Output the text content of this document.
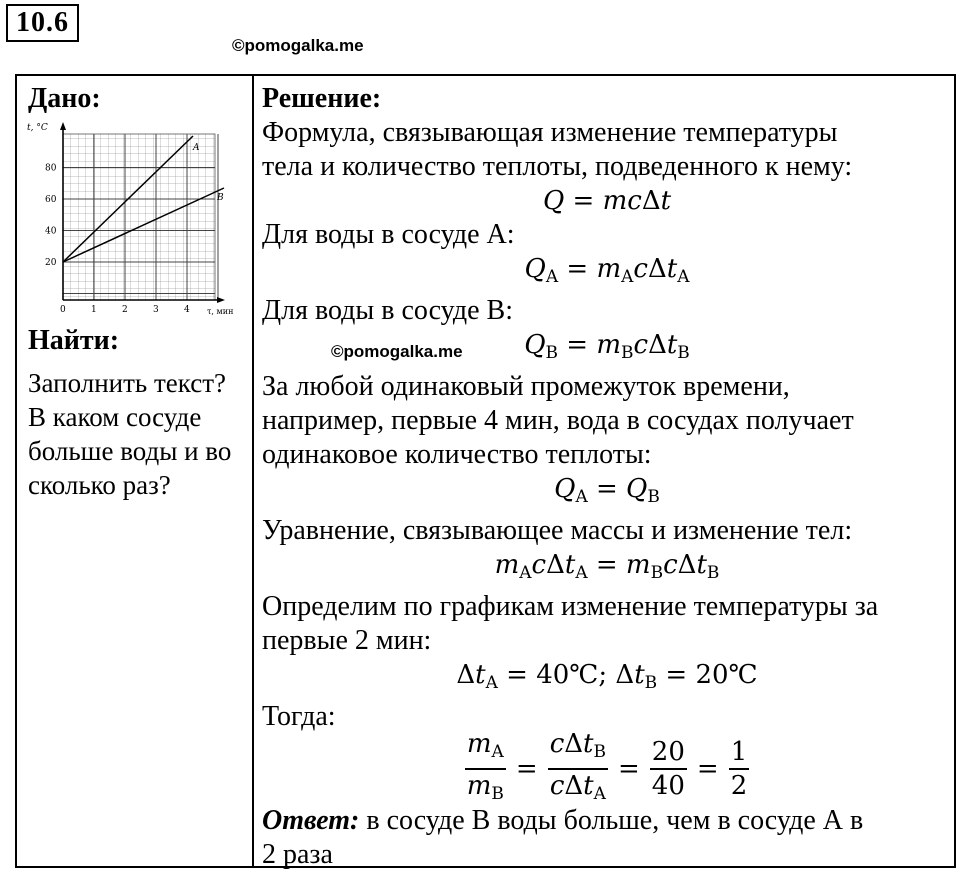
10.6
©pomogalka.me

Дано:

t, °C
τ, мин
20
40
60
80
0	1	2	3	4
A
B

Найти:

Заполнить текст? В каком сосуде больше воды и во сколько раз?
Решение:
Формула, связывающая изменение температуры
тела и количество теплоты, подведенного к нему:
Q = mcΔt
Для воды в сосуде А:
$Q_A = m_Ac\Delta t_A$
Для воды в сосуде В:
$Q_B = m_Bc\Delta t_B$
За любой одинаковый промежуток времени,
например, первые 4 мин, вода в сосудах получает
одинаковое количество теплоты:
$Q_A = Q_B$
Уравнение, связывающее массы и изменение тел:
$m_Ac\Delta t_A = m_Bc\Delta t_B$
Определим по графикам изменение температуры за
первые 2 мин:
$\Delta t_A$ = 40℃; $\Delta t_B$ = 20℃
Тогда:
$\frac{m_A}{m_B} = \frac{c\Delta t_B}{c\Delta t_A} = \frac{20}{40} = \frac{1}{2}$
Ответ: в сосуде В воды больше, чем в сосуде А в
2 раза
©pomogalka.me
